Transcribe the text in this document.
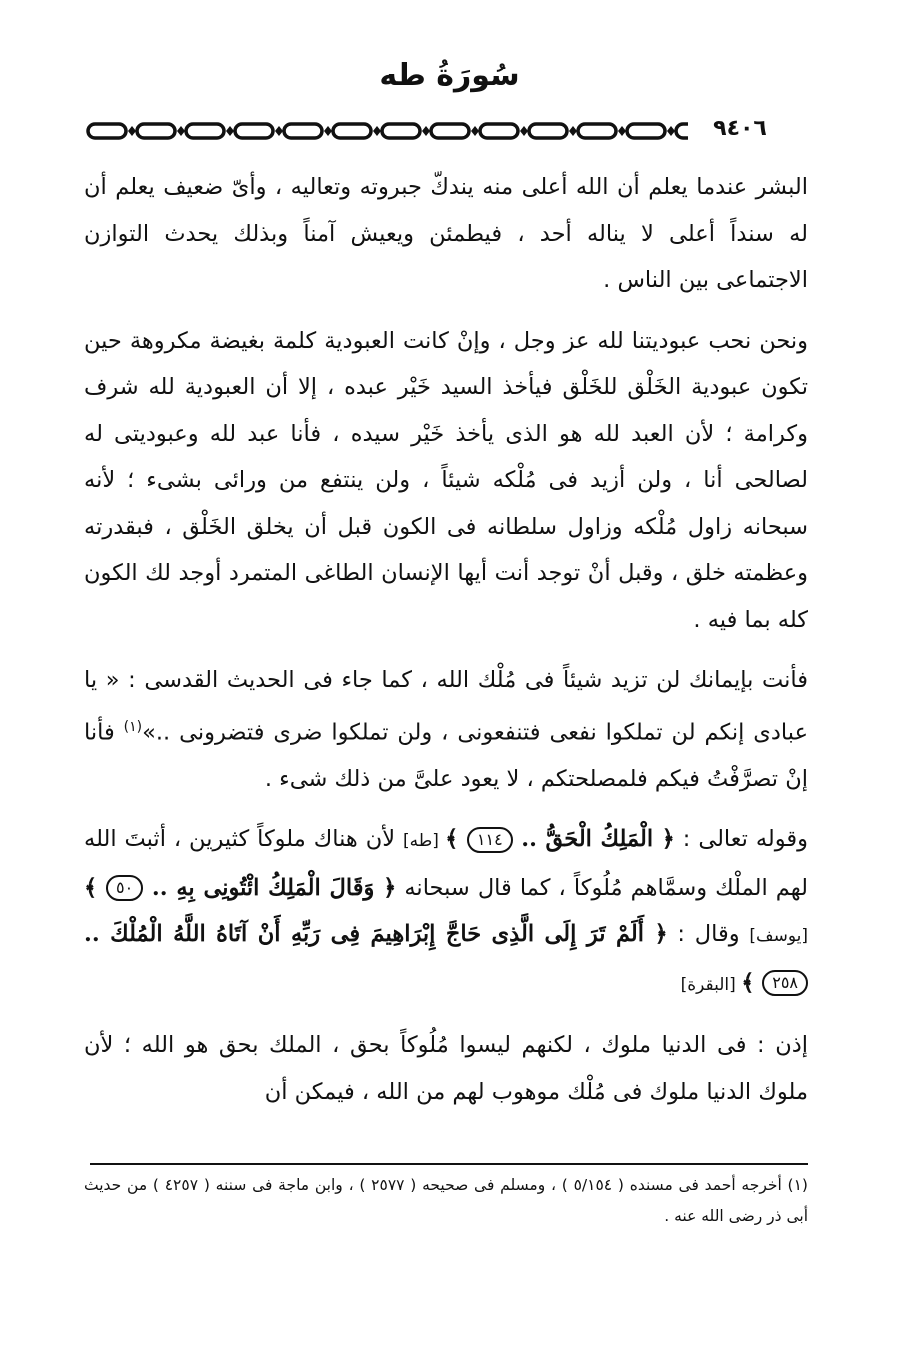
سُورَةُ طه
٩٤٠٦

البشر عندما يعلم أن الله أعلى منه يندكّ جبروته وتعاليه ، وأىّ ضعيف يعلم أن له سنداً أعلى لا يناله أحد ، فيطمئن ويعيش آمناً وبذلك يحدث التوازن الاجتماعى بين الناس .

ونحن نحب عبوديتنا لله عز وجل ، وإنْ كانت العبودية كلمة بغيضة مكروهة حين تكون عبودية الخَلْق للخَلْق فيأخذ السيد خَيْر عبده ، إلا أن العبودية لله شرف وكرامة ؛ لأن العبد لله هو الذى يأخذ خَيْر سيده ، فأنا عبد لله وعبوديتى له لصالحى أنا ، ولن أزيد فى مُلْكه شيئاً ، ولن ينتفع من ورائى بشىء ؛ لأنه سبحانه زاول مُلْكه وزاول سلطانه فى الكون قبل أن يخلق الخَلْق ، فبقدرته وعظمته خلق ، وقبل أنْ توجد أنت أيها الإنسان الطاغى المتمرد أوجد لك الكون كله بما فيه .

فأنت بإيمانك لن تزيد شيئاً فى مُلْك الله ، كما جاء فى الحديث القدسى : « يا عبادى إنكم لن تملكوا نفعى فتنفعونى ، ولن تملكوا ضرى فتضرونى ..»$^{(١)}$ فأنا إنْ تصرَّفْتُ فيكم فلمصلحتكم ، لا يعود علىَّ من ذلك شىء .

وقوله تعالى : ﴿ الْمَلِكُ الْحَقُّ .. ١١٤ ﴾ [طه] لأن هناك ملوكاً كثيرين ، أثبتَ الله لهم الملْك وسمَّاهم مُلُوكاً ، كما قال سبحانه ﴿ وَقَالَ الْمَلِكُ ائْتُونِى بِهِ .. ٥٠ ﴾[يوسف] وقال : ﴿ أَلَمْ تَرَ إِلَى الَّذِى حَاجَّ إِبْرَاهِيمَ فِى رَبِّهِ أَنْ آتَاهُ اللَّهُ الْمُلْكَ .. ٢٥٨ ﴾ [البقرة]

إذن : فى الدنيا ملوك ، لكنهم ليسوا مُلُوكاً بحق ، الملك بحق هو الله ؛ لأن ملوك الدنيا ملوك فى مُلْك موهوب لهم من الله ، فيمكن أن

(١) أخرجه أحمد فى مسنده ( ٥/١٥٤ ) ، ومسلم فى صحيحه ( ٢٥٧٧ ) ، وابن ماجة فى سننه ( ٤٢٥٧ ) من حديث أبى ذر رضى الله عنه .
